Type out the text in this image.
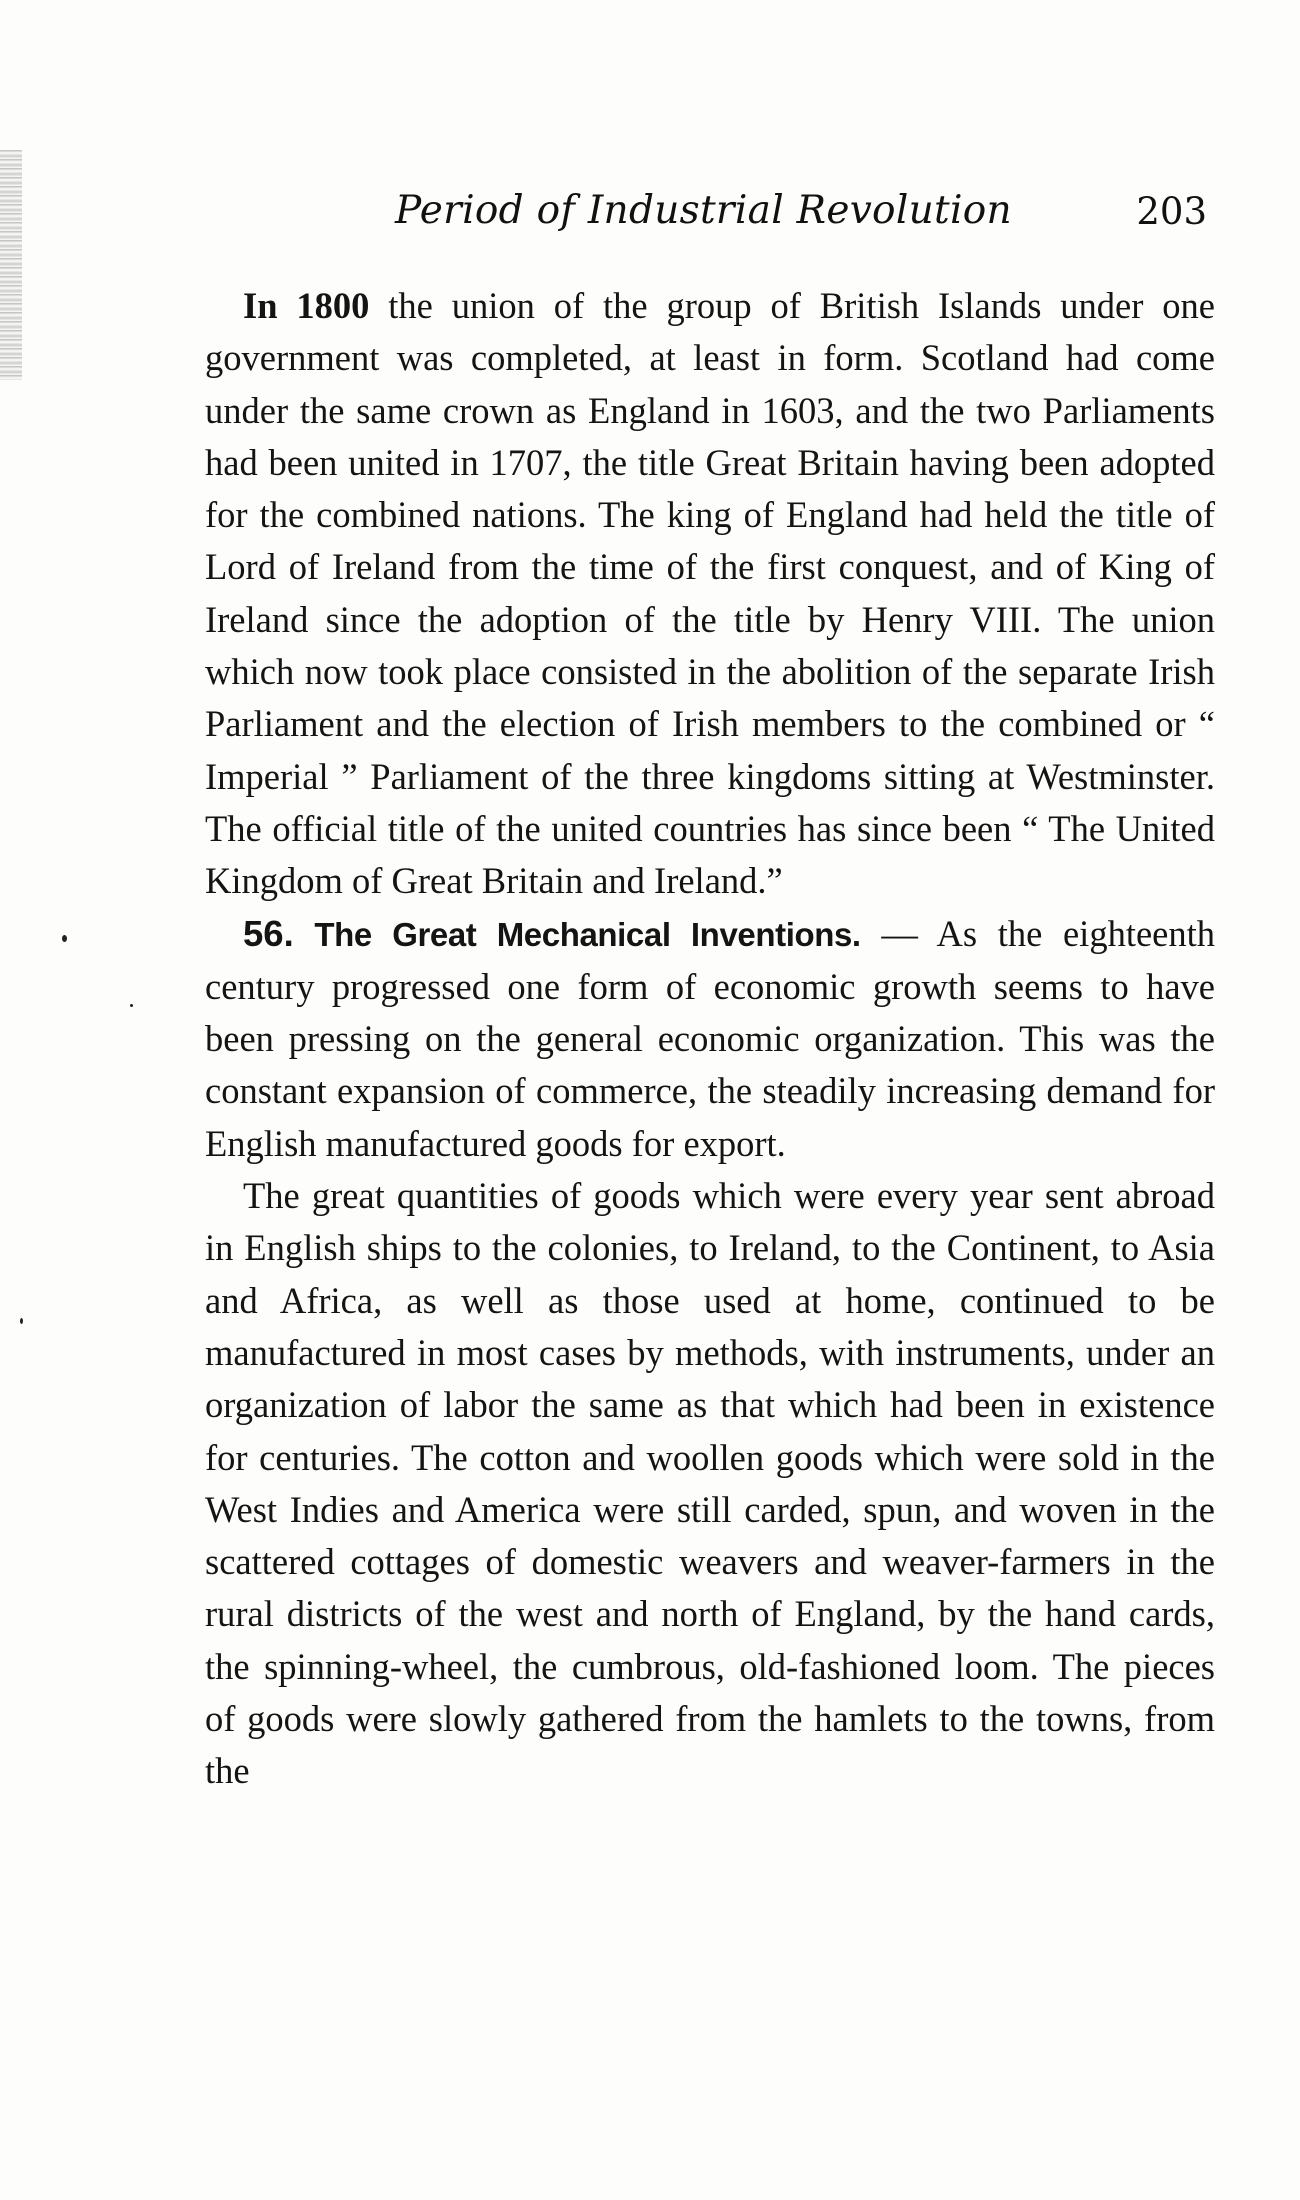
Period of Industrial Revolution	203

In 1800 the union of the group of British Islands under one government was completed, at least in form. Scotland had come under the same crown as England in 1603, and the two Parliaments had been united in 1707, the title Great Britain having been adopted for the combined nations. The king of England had held the title of Lord of Ireland from the time of the first conquest, and of King of Ireland since the adoption of the title by Henry VIII. The union which now took place consisted in the abolition of the separate Irish Parliament and the election of Irish members to the combined or “ Imperial ” Parliament of the three kingdoms sitting at Westminster. The official title of the united countries has since been “ The United Kingdom of Great Britain and Ireland.”

56. The Great Mechanical Inventions. — As the eighteenth century progressed one form of economic growth seems to have been pressing on the general economic organization. This was the constant expansion of commerce, the steadily increasing demand for English manufactured goods for export.

The great quantities of goods which were every year sent abroad in English ships to the colonies, to Ireland, to the Continent, to Asia and Africa, as well as those used at home, continued to be manufactured in most cases by methods, with instruments, under an organization of labor the same as that which had been in existence for centuries. The cotton and woollen goods which were sold in the West Indies and America were still carded, spun, and woven in the scattered cottages of domestic weavers and weaver-farmers in the rural districts of the west and north of England, by the hand cards, the spinning-wheel, the cumbrous, old-fashioned loom. The pieces of goods were slowly gathered from the hamlets to the towns, from the
